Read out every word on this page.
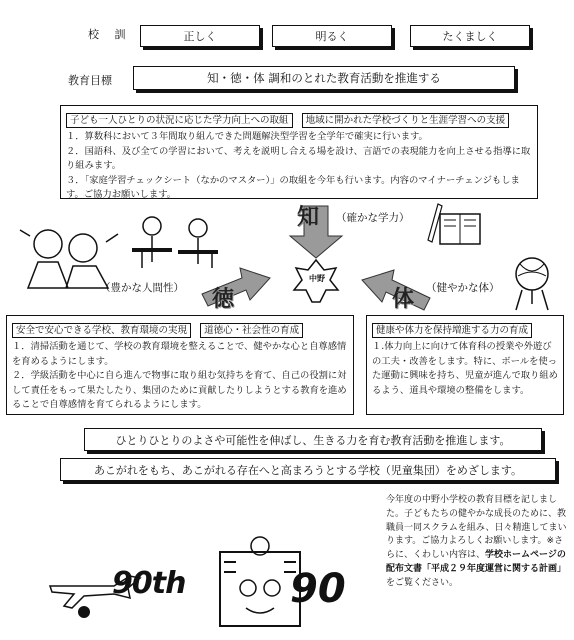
校 訓	正しく	明るく	たくましく
教育目標	知・徳・体 調和のとれた教育活動を推進する
子ども一人ひとりの状況に応じた学力向上への取組 地域に開かれた学校づくりと生涯学習への支援

１．算数科において３年間取り組んできた問題解決型学習を全学年で確実に行います。

２．国語科、及び全ての学習において、考えを説明し合える場を設け、言語での表現能力を向上させる指導に取り組みます。

３．「家庭学習チェックシート（なかのマスター）」の取組を今年も行います。内容のマイナーチェンジもします。ご協力お願いします。

知 （確かな学力）
徳
（豊かな人間性）	体 （健やかな体）
中野
安全で安心できる学校、教育環境の実現 道徳心・社会性の育成

１．清掃活動を通じて、学校の教育環境を整えることで、健やかな心と自尊感情を育めるようにします。

２．学級活動を中心に自ら進んで物事に取り組む気持ちを育て、自己の役割に対して責任をもって果たしたり、集団のために貢献したりしようとする教育を進めることで自尊感情を育てられるようにします。

健康や体力を保持増進する力の育成

１.体力向上に向けて体育科の授業や外遊びの工夫・改善をします。特に、ボールを使った運動に興味を持ち、児童が進んで取り組めるよう、道具や環境の整備をします。

ひとりひとりのよさや可能性を伸ばし、生きる力を育む教育活動を推進します。
あこがれをもち、あこがれる存在へと高まろうとする学校（児童集団）をめざします。
今年度の中野小学校の教育目標を記しました。子どもたちの健やかな成長のために、教職員一同スクラムを組み、日々精進してまいります。ご協力よろしくお願いします。※さらに、くわしい内容は、学校ホームページの配布文書「平成２９年度運営に関する計画」をご覧ください。
90th	90
